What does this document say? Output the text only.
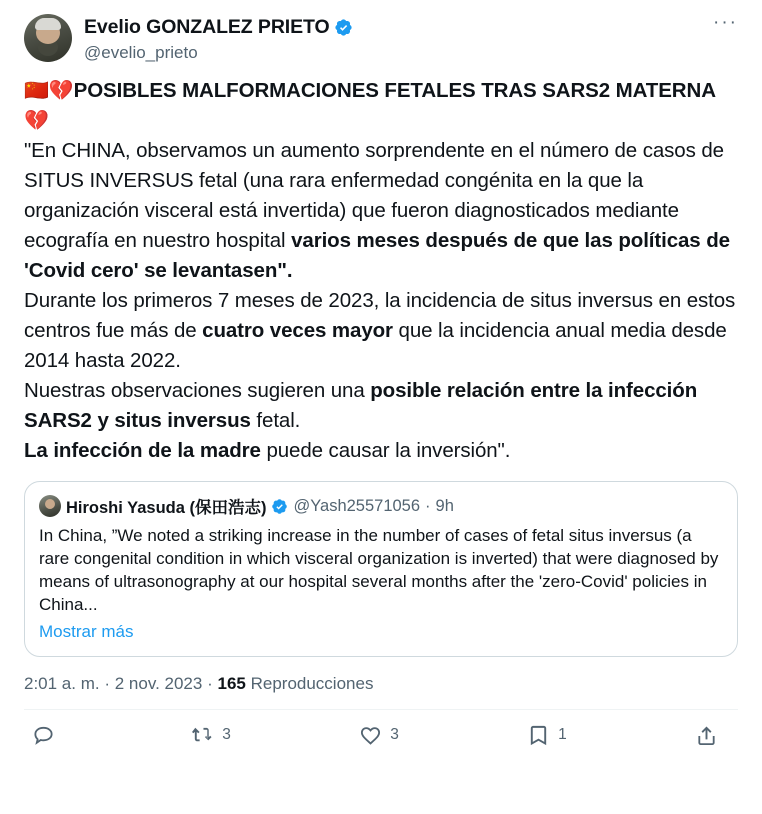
Evelio GONZALEZ PRIETO
@evelio_prieto
···

🇨🇳💔POSIBLES MALFORMACIONES FETALES TRAS SARS2 MATERNA💔

"En CHINA, observamos un aumento sorprendente en el número de casos de SITUS INVERSUS fetal (una rara enfermedad congénita en la que la organización visceral está invertida) que fueron diagnosticados mediante ecografía en nuestro hospital varios meses después de que las políticas de 'Covid cero' se levantasen".

Durante los primeros 7 meses de 2023, la incidencia de situs inversus en estos centros fue más de cuatro veces mayor que la incidencia anual media desde 2014 hasta 2022.

Nuestras observaciones sugieren una posible relación entre la infección SARS2 y situs inversus fetal.

La infección de la madre puede causar la inversión".

Hiroshi Yasuda (保田浩志) @Yash25571056 · 9h
In China, ”We noted a striking increase in the number of cases of fetal situs inversus (a rare congenital condition in which visceral organization is inverted) that were diagnosed by means of ultrasonography at our hospital several months after the 'zero-Covid' policies in China...
Mostrar más
2:01 a. m. · 2 nov. 2023 · 165 Reproducciones
3	3	1
